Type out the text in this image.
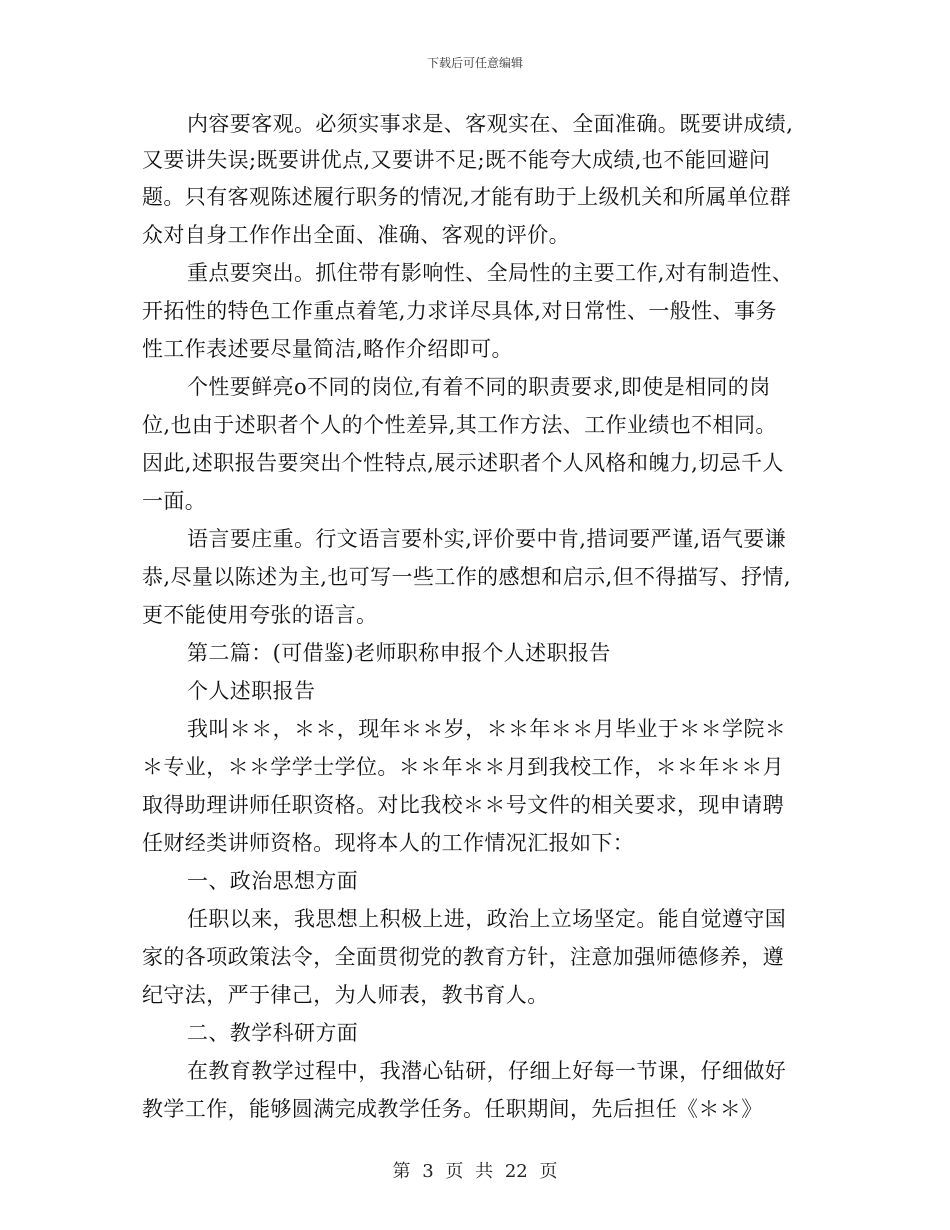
下载后可任意编辑
内容要客观。必须实事求是、客观实在、全面准确。既要讲成绩,
又要讲失误;既要讲优点,又要讲不足;既不能夸大成绩,也不能回避问
题。只有客观陈述履行职务的情况,才能有助于上级机关和所属单位群
众对自身工作作出全面、准确、客观的评价。
重点要突出。抓住带有影响性、全局性的主要工作,对有制造性、
开拓性的特色工作重点着笔,力求详尽具体,对日常性、一般性、事务
性工作表述要尽量简洁,略作介绍即可。
个性要鲜亮o不同的岗位,有着不同的职责要求,即使是相同的岗
位,也由于述职者个人的个性差异,其工作方法、工作业绩也不相同。
因此,述职报告要突出个性特点,展示述职者个人风格和魄力,切忌千人
一面。
语言要庄重。行文语言要朴实,评价要中肯,措词要严谨,语气要谦
恭,尽量以陈述为主,也可写一些工作的感想和启示,但不得描写、抒情,
更不能使用夸张的语言。
第二篇：(可借鉴)老师职称申报个人述职报告
个人述职报告
我叫＊＊，＊＊，现年＊＊岁，＊＊年＊＊月毕业于＊＊学院＊
＊专业，＊＊学学士学位。＊＊年＊＊月到我校工作，＊＊年＊＊月
取得助理讲师任职资格。对比我校＊＊号文件的相关要求，现申请聘
任财经类讲师资格。现将本人的工作情况汇报如下：
一、政治思想方面
任职以来，我思想上积极上进，政治上立场坚定。能自觉遵守国
家的各项政策法令，全面贯彻党的教育方针，注意加强师德修养，遵
纪守法，严于律己，为人师表，教书育人。
二、教学科研方面
在教育教学过程中，我潜心钻研，仔细上好每一节课，仔细做好
教学工作，能够圆满完成教学任务。任职期间，先后担任《＊＊》
第 3 页 共 22 页
